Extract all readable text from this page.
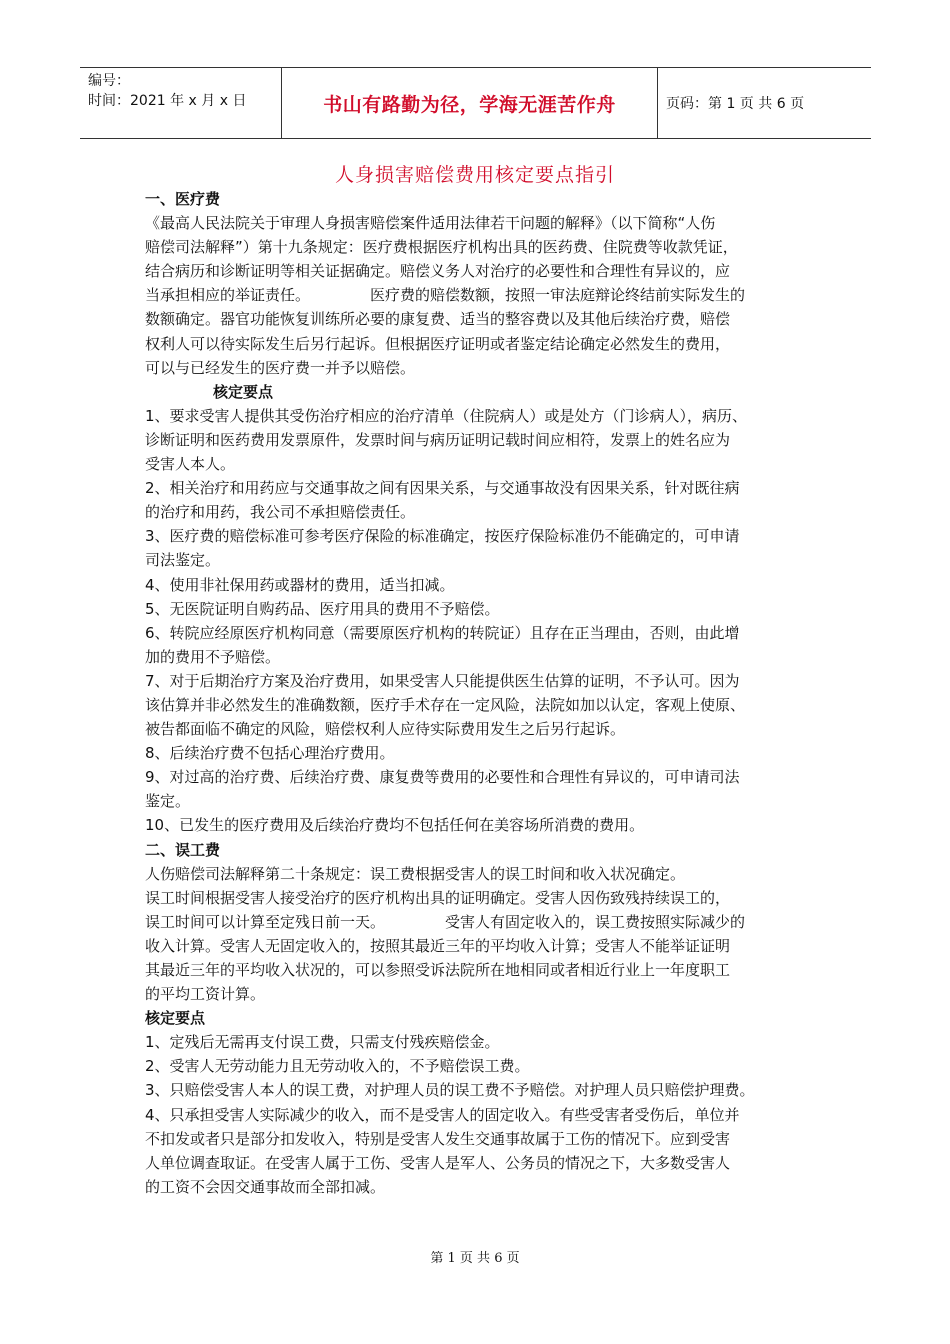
编号：
时间：2021 年 x 月 x 日	书山有路勤为径，学海无涯苦作舟	页码：第 1 页 共 6 页
人身损害赔偿费用核定要点指引

一、医疗费

《最高人民法院关于审理人身损害赔偿案件适用法律若干问题的解释》（以下简称“人伤

赔偿司法解释”）第十九条规定：医疗费根据医疗机构出具的医药费、住院费等收款凭证，

结合病历和诊断证明等相关证据确定。赔偿义务人对治疗的必要性和合理性有异议的，应

当承担相应的举证责任。	医疗费的赔偿数额，按照一审法庭辩论终结前实际发生的

数额确定。器官功能恢复训练所必要的康复费、适当的整容费以及其他后续治疗费，赔偿

权利人可以待实际发生后另行起诉。但根据医疗证明或者鉴定结论确定必然发生的费用，

可以与已经发生的医疗费一并予以赔偿。

核定要点

1、要求受害人提供其受伤治疗相应的治疗清单（住院病人）或是处方（门诊病人），病历、

诊断证明和医药费用发票原件，发票时间与病历证明记载时间应相符，发票上的姓名应为

受害人本人。

2、相关治疗和用药应与交通事故之间有因果关系，与交通事故没有因果关系，针对既往病

的治疗和用药，我公司不承担赔偿责任。

3、医疗费的赔偿标准可参考医疗保险的标准确定，按医疗保险标准仍不能确定的，可申请

司法鉴定。

4、使用非社保用药或器材的费用，适当扣减。

5、无医院证明自购药品、医疗用具的费用不予赔偿。

6、转院应经原医疗机构同意（需要原医疗机构的转院证）且存在正当理由，否则，由此增

加的费用不予赔偿。

7、对于后期治疗方案及治疗费用，如果受害人只能提供医生估算的证明，不予认可。因为

该估算并非必然发生的准确数额，医疗手术存在一定风险，法院如加以认定，客观上使原、

被告都面临不确定的风险，赔偿权利人应待实际费用发生之后另行起诉。

8、后续治疗费不包括心理治疗费用。

9、对过高的治疗费、后续治疗费、康复费等费用的必要性和合理性有异议的，可申请司法

鉴定。

10、已发生的医疗费用及后续治疗费均不包括任何在美容场所消费的费用。

二、误工费

人伤赔偿司法解释第二十条规定：误工费根据受害人的误工时间和收入状况确定。

误工时间根据受害人接受治疗的医疗机构出具的证明确定。受害人因伤致残持续误工的，

误工时间可以计算至定残日前一天。	受害人有固定收入的，误工费按照实际减少的

收入计算。受害人无固定收入的，按照其最近三年的平均收入计算；受害人不能举证证明

其最近三年的平均收入状况的，可以参照受诉法院所在地相同或者相近行业上一年度职工

的平均工资计算。

核定要点

1、定残后无需再支付误工费，只需支付残疾赔偿金。

2、受害人无劳动能力且无劳动收入的，不予赔偿误工费。

3、只赔偿受害人本人的误工费，对护理人员的误工费不予赔偿。对护理人员只赔偿护理费。

4、只承担受害人实际减少的收入，而不是受害人的固定收入。有些受害者受伤后，单位并

不扣发或者只是部分扣发收入，特别是受害人发生交通事故属于工伤的情况下。应到受害

人单位调查取证。在受害人属于工伤、受害人是军人、公务员的情况之下，大多数受害人

的工资不会因交通事故而全部扣减。

第 1 页 共 6 页
